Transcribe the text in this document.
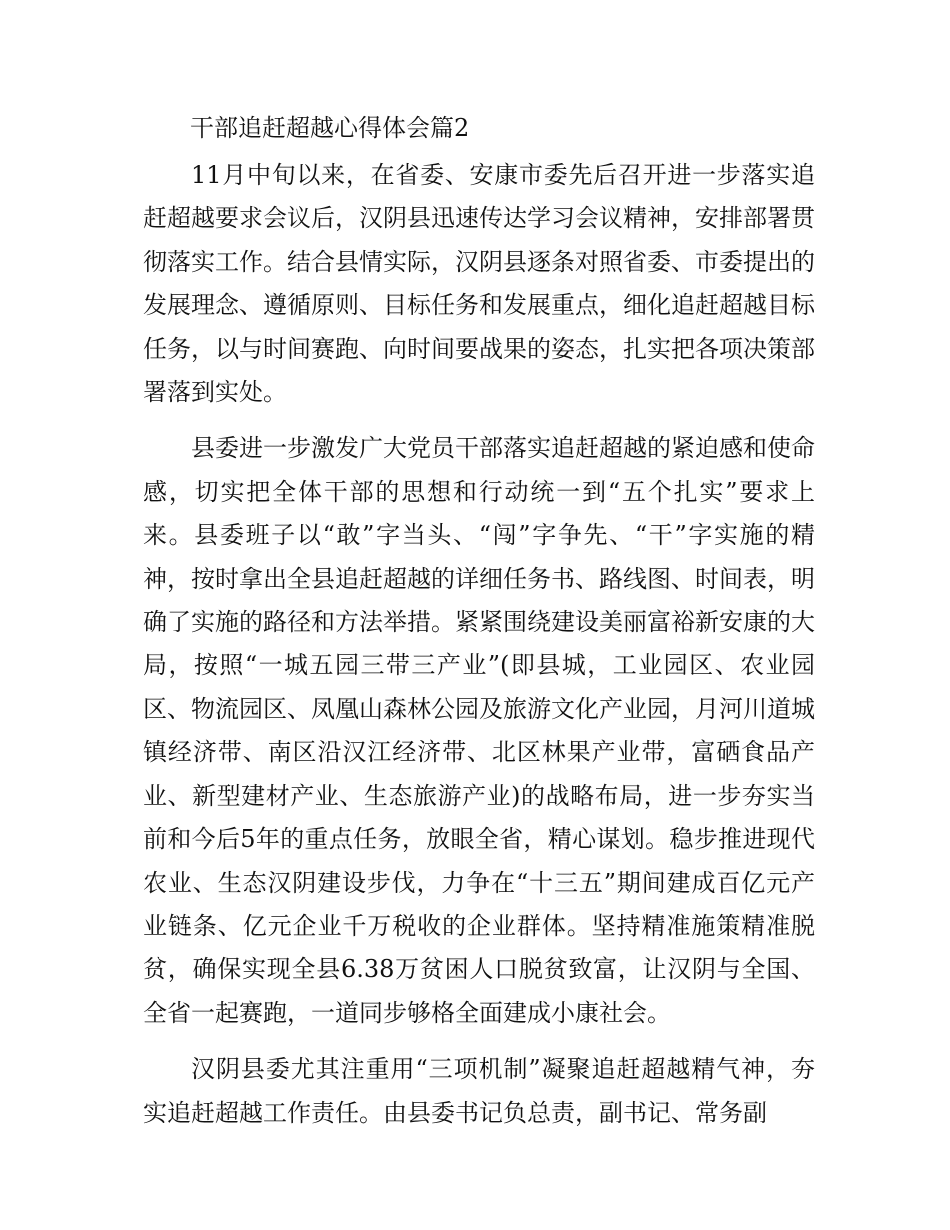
干部追赶超越心得体会篇2

11月中旬以来，在省委、安康市委先后召开进一步落实追赶超越要求会议后，汉阴县迅速传达学习会议精神，安排部署贯彻落实工作。结合县情实际，汉阴县逐条对照省委、市委提出的发展理念、遵循原则、目标任务和发展重点，细化追赶超越目标任务，以与时间赛跑、向时间要战果的姿态，扎实把各项决策部署落到实处。

县委进一步激发广大党员干部落实追赶超越的紧迫感和使命感，切实把全体干部的思想和行动统一到“五个扎实”要求上来。县委班子以“敢”字当头、“闯”字争先、“干”字实施的精神，按时拿出全县追赶超越的详细任务书、路线图、时间表，明确了实施的路径和方法举措。紧紧围绕建设美丽富裕新安康的大局，按照“一城五园三带三产业”(即县城，工业园区、农业园区、物流园区、凤凰山森林公园及旅游文化产业园，月河川道城镇经济带、南区沿汉江经济带、北区林果产业带，富硒食品产业、新型建材产业、生态旅游产业)的战略布局，进一步夯实当前和今后5年的重点任务，放眼全省，精心谋划。稳步推进现代农业、生态汉阴建设步伐，力争在“十三五”期间建成百亿元产业链条、亿元企业千万税收的企业群体。坚持精准施策精准脱贫，确保实现全县6.38万贫困人口脱贫致富，让汉阴与全国、全省一起赛跑，一道同步够格全面建成小康社会。

汉阴县委尤其注重用“三项机制”凝聚追赶超越精气神，夯实追赶超越工作责任。由县委书记负总责，副书记、常务副
